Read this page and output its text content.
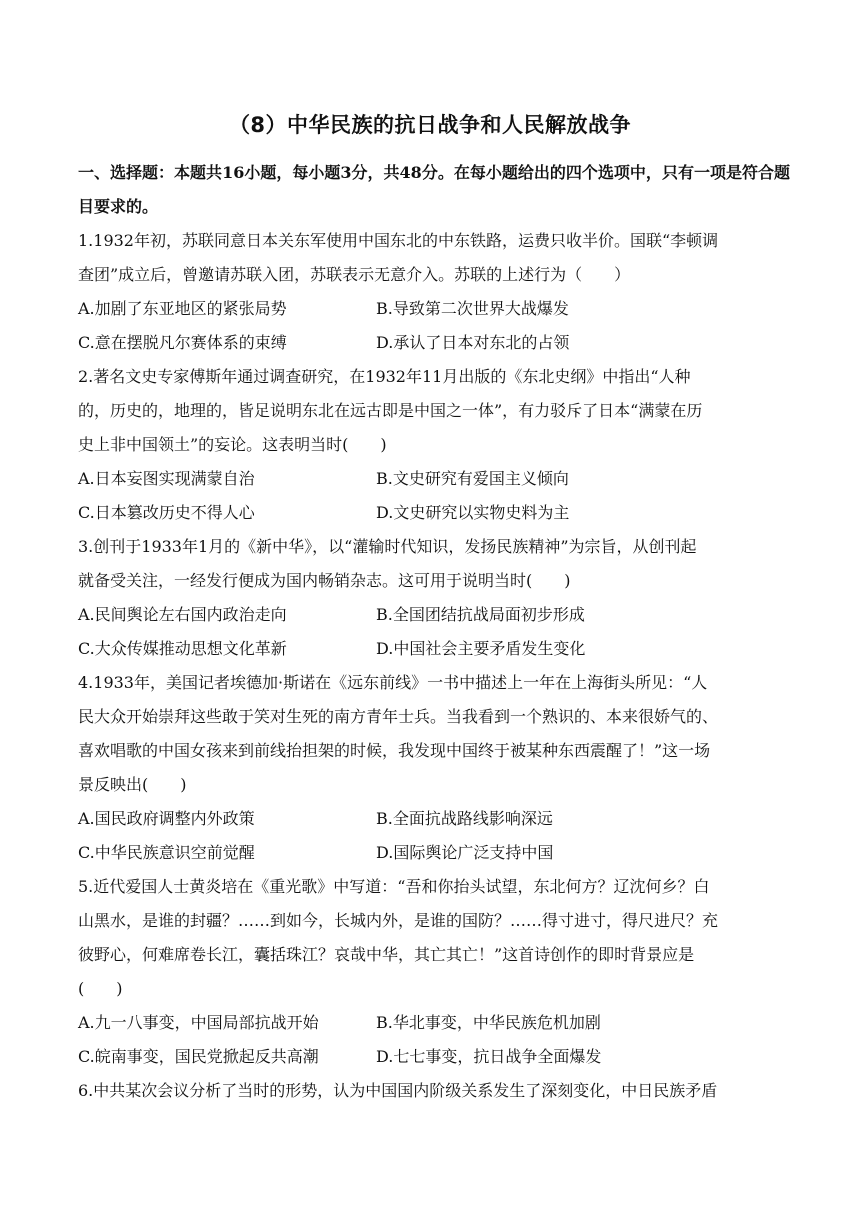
（8）中华民族的抗日战争和人民解放战争
一、选择题：本题共16小题，每小题3分，共48分。在每小题给出的四个选项中，只有一项是符合题目要求的。
1.1932年初，苏联同意日本关东军使用中国东北的中东铁路，运费只收半价。国联“李顿调
查团”成立后，曾邀请苏联入团，苏联表示无意介入。苏联的上述行为（　　）
A.加剧了东亚地区的紧张局势	B.导致第二次世界大战爆发
C.意在摆脱凡尔赛体系的束缚	D.承认了日本对东北的占领
2.著名文史专家傅斯年通过调查研究，在1932年11月出版的《东北史纲》中指出“人种
的，历史的，地理的，皆足说明东北在远古即是中国之一体”，有力驳斥了日本“满蒙在历
史上非中国领土”的妄论。这表明当时(　　)
A.日本妄图实现满蒙自治	B.文史研究有爱国主义倾向
C.日本篡改历史不得人心	D.文史研究以实物史料为主
3.创刊于1933年1月的《新中华》，以“灌输时代知识，发扬民族精神”为宗旨，从创刊起
就备受关注，一经发行便成为国内畅销杂志。这可用于说明当时(　　)
A.民间舆论左右国内政治走向	B.全国团结抗战局面初步形成
C.大众传媒推动思想文化革新	D.中国社会主要矛盾发生变化
4.1933年，美国记者埃德加·斯诺在《远东前线》一书中描述上一年在上海街头所见：“人
民大众开始崇拜这些敢于笑对生死的南方青年士兵。当我看到一个熟识的、本来很娇气的、
喜欢唱歌的中国女孩来到前线抬担架的时候，我发现中国终于被某种东西震醒了！”这一场
景反映出(　　)
A.国民政府调整内外政策	B.全面抗战路线影响深远
C.中华民族意识空前觉醒	D.国际舆论广泛支持中国
5.近代爱国人士黄炎培在《重光歌》中写道：“吾和你抬头试望，东北何方？辽沈何乡？白
山黑水，是谁的封疆？……到如今，长城内外，是谁的国防？……得寸进寸，得尺进尺？充
彼野心，何难席卷长江，囊括珠江？哀哉中华，其亡其亡！”这首诗创作的即时背景应是
(　　)
A.九一八事变，中国局部抗战开始	B.华北事变，中华民族危机加剧
C.皖南事变，国民党掀起反共高潮	D.七七事变，抗日战争全面爆发
6.中共某次会议分析了当时的形势，认为中国国内阶级关系发生了深刻变化，中日民族矛盾
